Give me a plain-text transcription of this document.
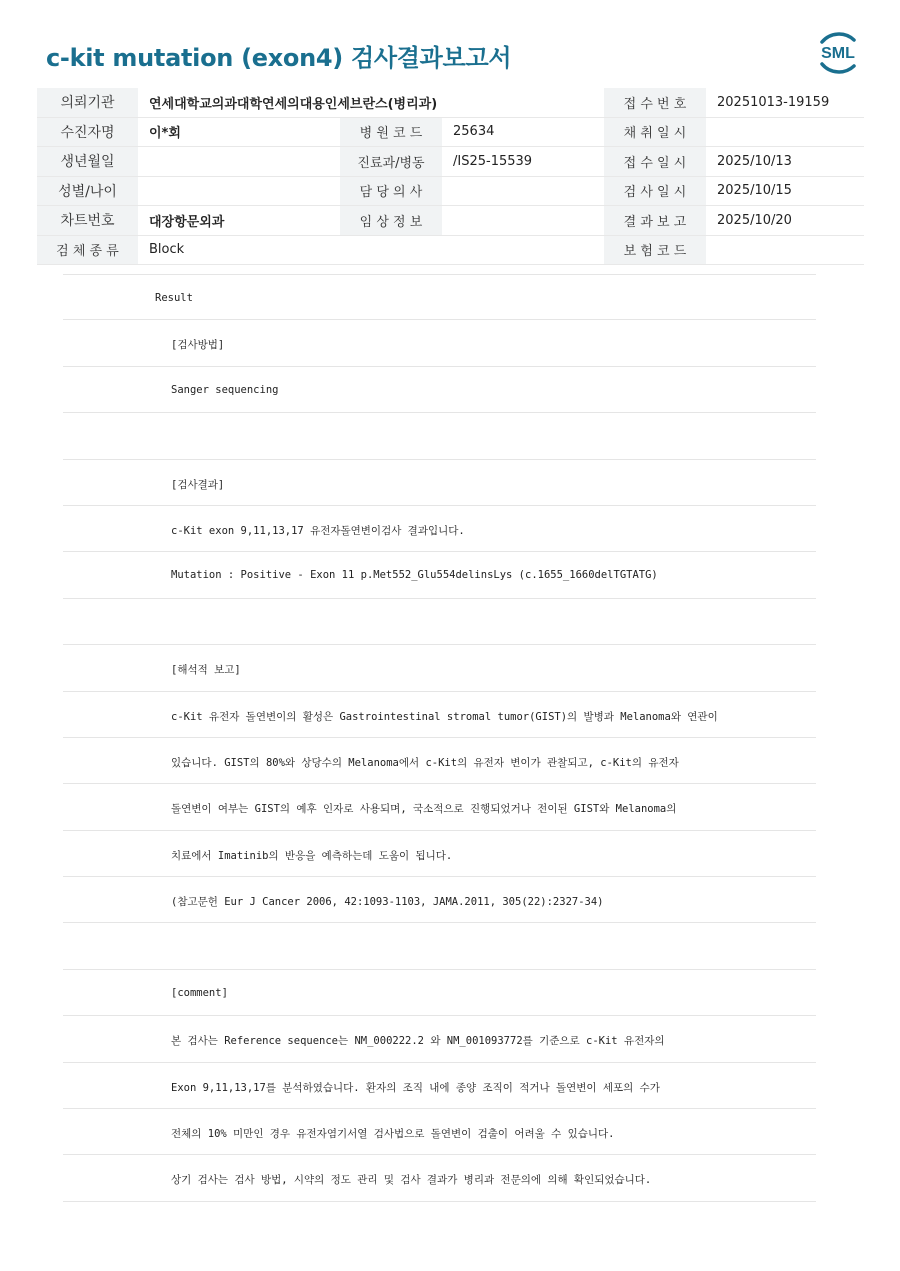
c-kit mutation (exon4) 검사결과보고서	SML
의뢰기관	연세대학교의과대학연세의대용인세브란스(병리과)			접 수 번 호	20251013-19159
수진자명	이*회	병 원 코 드	25634	채 취 일 시	
생년월일		진료과/병동	/IS25-15539	접 수 일 시	2025/10/13
성별/나이		담 당 의 사		검 사 일 시	2025/10/15
차트번호	대장항문외과	임 상 정 보		결 과 보 고	2025/10/20
검 체 종 류	Block			보 험 코 드	
Result
[검사방법]
Sanger sequencing
[검사결과]
c-Kit exon 9,11,13,17 유전자돌연변이검사 결과입니다.
Mutation : Positive - Exon 11 p.Met552_Glu554delinsLys (c.1655_1660delTGTATG)
[해석적 보고]
c-Kit 유전자 돌연변이의 활성은 Gastrointestinal stromal tumor(GIST)의 발병과 Melanoma와 연관이
있습니다. GIST의 80%와 상당수의 Melanoma에서 c-Kit의 유전자 변이가 관찰되고, c-Kit의 유전자
돌연변이 여부는 GIST의 예후 인자로 사용되며, 국소적으로 진행되었거나 전이된 GIST와 Melanoma의
치료에서 Imatinib의 반응을 예측하는데 도움이 됩니다.
(참고문헌 Eur J Cancer 2006, 42:1093-1103, JAMA.2011, 305(22):2327-34)
[comment]
본 검사는 Reference sequence는 NM_000222.2 와 NM_001093772를 기준으로 c-Kit 유전자의
Exon 9,11,13,17를 분석하였습니다. 환자의 조직 내에 종양 조직이 적거나 돌연변이 세포의 수가
전체의 10% 미만인 경우 유전자염기서열 검사법으로 돌연변이 검출이 어려울 수 있습니다.
상기 검사는 검사 방법, 시약의 정도 관리 및 검사 결과가 병리과 전문의에 의해 확인되었습니다.
